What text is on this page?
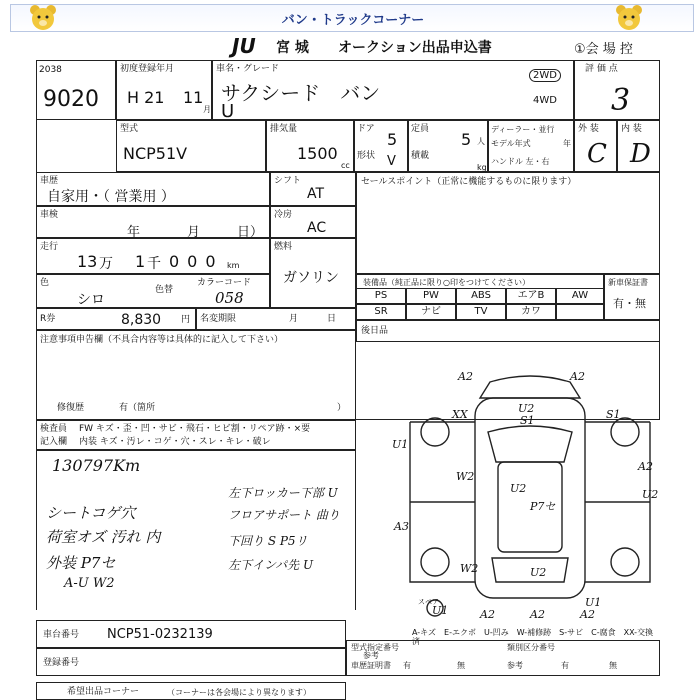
バン・トラックコーナー
JU 宮 城 オークション出品申込書	①会 場 控
2038
9020
初度登録年月
H 21 11
月
車名・グレード
サクシード　バン
U
2WD
4WD
評 価 点
3
型式
NCP51V
排気量
1500
cc
ドア
5
形状 V
定員
5 人
積載
kg
ディーラー・並行
モデル年式	年
ハンドル 左・右
外 装
C
内 装
D
車歴
自家用・（ 営業用 ）
シフト
AT
車検
年	月	日）
冷房
AC
走行
13 万 1 千 000 km
燃料
ガソリン
色
シロ
色替
カラーコード
058
R券	8,830 円 名変期限	月	日
注意事項申告欄（不具合内容等は具体的に記入して下さい）
修復歴	有（箇所	）
セールスポイント（正常に機能するものに限ります）
装備品（純正品に限り○印をつけてください）
PS	PW	ABS	エアB	AW
SR	ナビ	TV	カワ
新車保証書
有・無
後日品
検査員
記入欄
FW キズ・歪・凹・サビ・飛石・ヒビ割・リペア跡・×要
内装 キズ・汚レ・コゲ・穴・スレ・キレ・破レ
130797Km
シートコゲ穴
荷室オズ 汚れ 内
外装 P7セ
A-U W2
左下ロッカー下部 U
フロアサポート 曲り
下回り S P5リ
左下インパ先 U
A2	A2
XX	U2
S1	S1
U1
A2
W2
U2	U2
P7セ
A3
W2	U2
U1	A2	A2	A2
U1
スペア
A-キズ　E-エクボ　U-凹み　W-補修跡　S-サビ　C-腐食　XX-交換済
車台番号 NCP51-0232139
登録番号
型式指定番号
参考
類別区分番号
車歴証明書 有	無	参考	有	無
希望出品コーナー	（コーナーは各会場により異なります）
